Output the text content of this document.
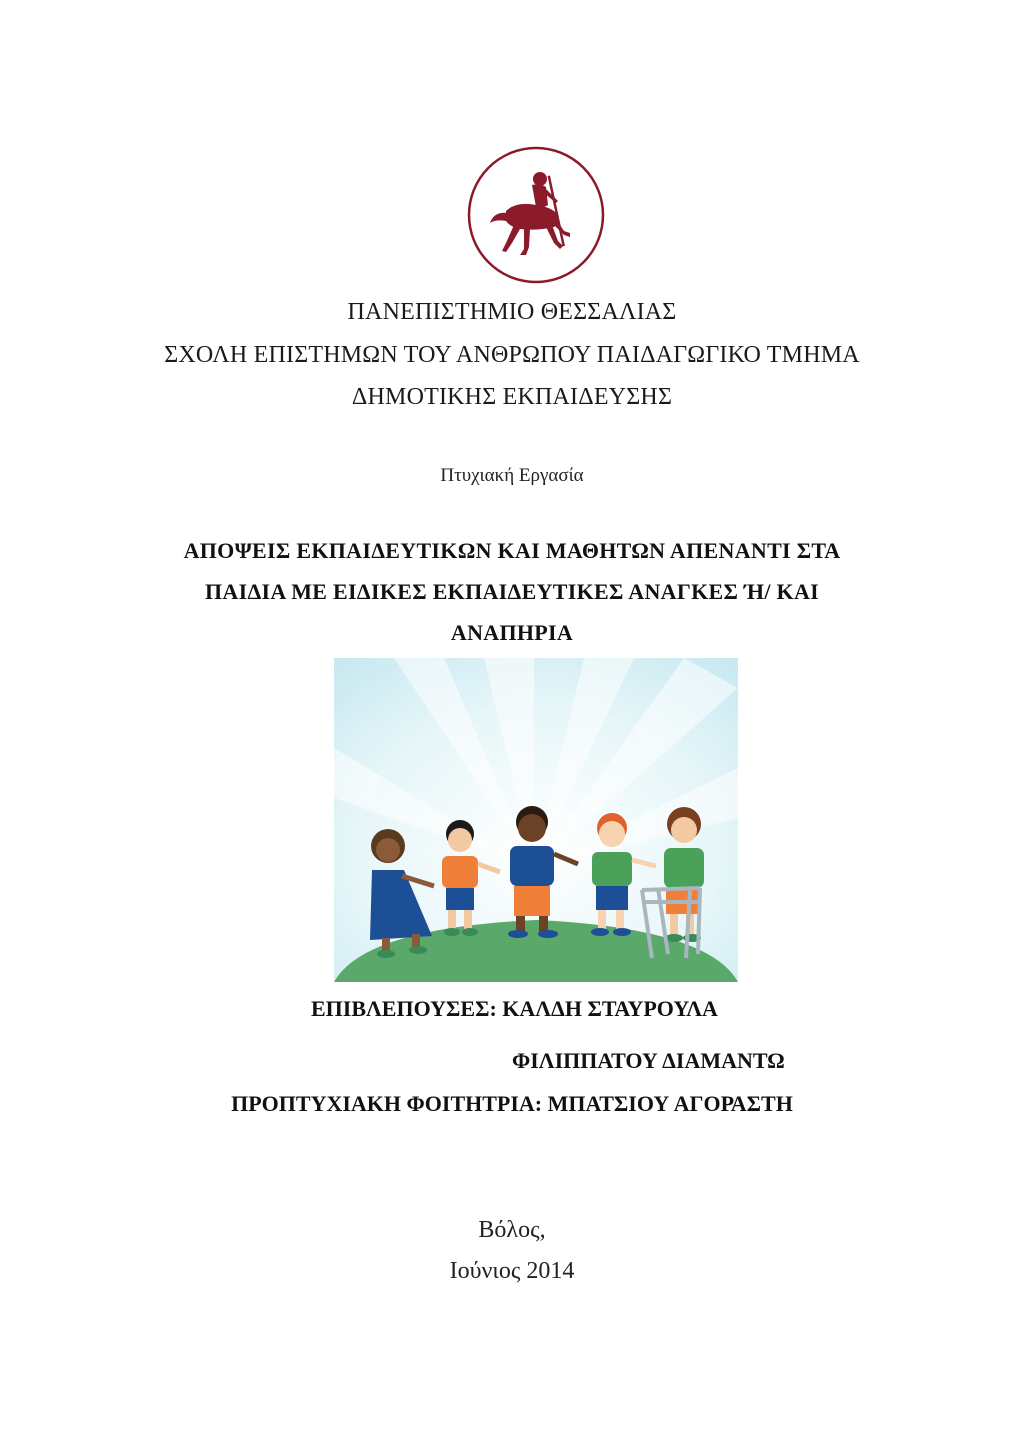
ΠΑΝΕΠΙΣΤΗΜΙΟ ΘΕΣΣΑΛΙΑΣ
ΣΧΟΛΗ ΕΠΙΣΤΗΜΩΝ ΤΟΥ ΑΝΘΡΩΠΟΥ ΠΑΙΔΑΓΩΓΙΚΟ ΤΜΗΜΑ
ΔΗΜΟΤΙΚΗΣ ΕΚΠΑΙΔΕΥΣΗΣ
Πτυχιακή Εργασία
ΑΠΟΨΕΙΣ ΕΚΠΑΙΔΕΥΤΙΚΩΝ ΚΑΙ ΜΑΘΗΤΩΝ ΑΠΕΝΑΝΤΙ ΣΤΑ
ΠΑΙΔΙΑ ΜΕ ΕΙΔΙΚΕΣ ΕΚΠΑΙΔΕΥΤΙΚΕΣ ΑΝΑΓΚΕΣ Ή/ ΚΑΙ
ΑΝΑΠΗΡΙΑ
ΕΠΙΒΛΕΠΟΥΣΕΣ: ΚΑΛΔΗ ΣΤΑΥΡΟΥΛΑ
ΦΙΛΙΠΠΑΤΟΥ ΔΙΑΜΑΝΤΩ
ΠΡΟΠΤΥΧΙΑΚΗ ΦΟΙΤΗΤΡΙΑ: ΜΠΑΤΣΙΟΥ ΑΓΟΡΑΣΤΗ
Βόλος,
Ιούνιος 2014
